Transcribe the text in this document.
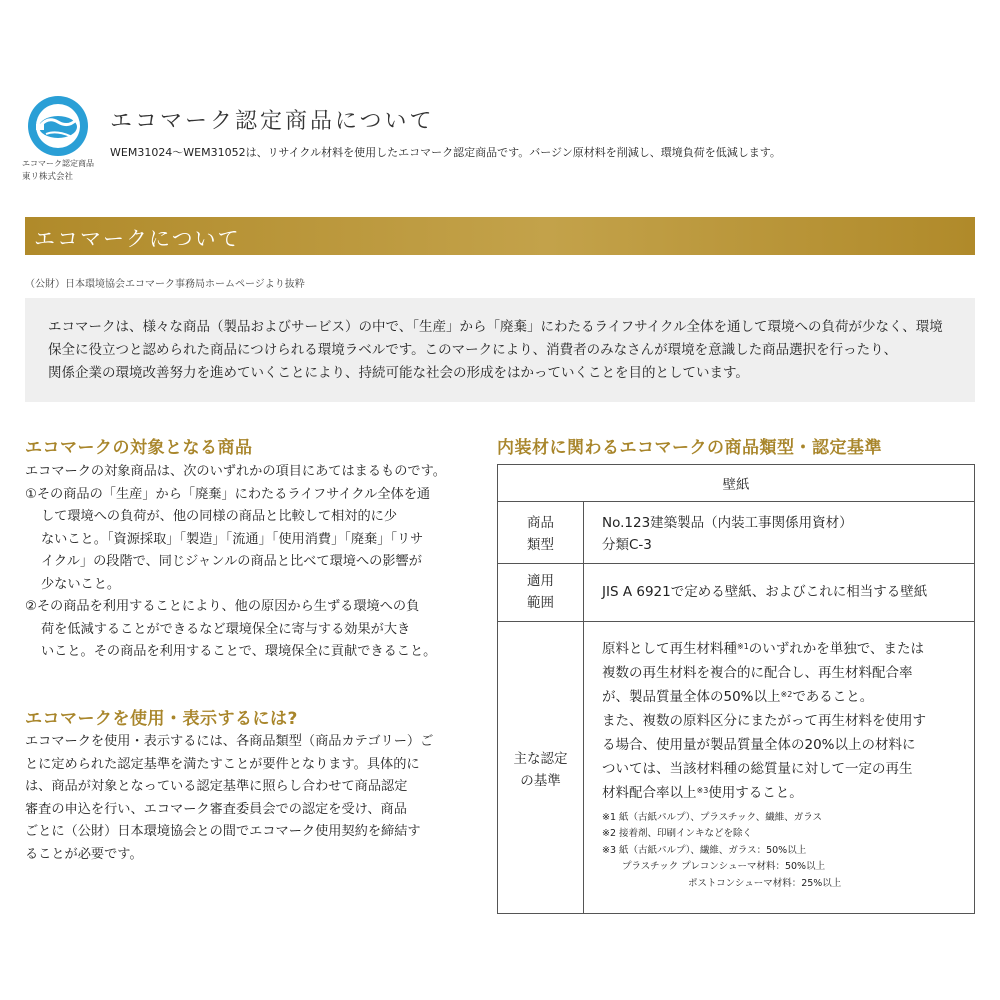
エコマーク認定商品
東リ株式会社
エコマーク認定商品について
WEM31024～WEM31052は、リサイクル材料を使用したエコマーク認定商品です。バージン原材料を削減し、環境負荷を低減します。
エコマークについて
（公財）日本環境協会エコマーク事務局ホームページより抜粋
エコマークは、様々な商品（製品およびサービス）の中で、「生産」から「廃棄」にわたるライフサイクル全体を通して環境への負荷が少なく、環境
保全に役立つと認められた商品につけられる環境ラベルです。このマークにより、消費者のみなさんが環境を意識した商品選択を行ったり、
関係企業の環境改善努力を進めていくことにより、持続可能な社会の形成をはかっていくことを目的としています。
エコマークの対象となる商品
エコマークの対象商品は、次のいずれかの項目にあてはまるものです。
①その商品の「生産」から「廃棄」にわたるライフサイクル全体を通
して環境への負荷が、他の同様の商品と比較して相対的に少
ないこと。「資源採取」「製造」「流通」「使用消費」「廃棄」「リサ
イクル」の段階で、同じジャンルの商品と比べて環境への影響が
少ないこと。
②その商品を利用することにより、他の原因から生ずる環境への負
荷を低減することができるなど環境保全に寄与する効果が大き
いこと。その商品を利用することで、環境保全に貢献できること。
エコマークを使用・表示するには?
エコマークを使用・表示するには、各商品類型（商品カテゴリー）ご
とに定められた認定基準を満たすことが要件となります。具体的に
は、商品が対象となっている認定基準に照らし合わせて商品認定
審査の申込を行い、エコマーク審査委員会での認定を受け、商品
ごとに（公財）日本環境協会との間でエコマーク使用契約を締結す
ることが必要です。
内装材に関わるエコマークの商品類型・認定基準
壁紙
商品
類型
No.123建築製品（内装工事関係用資材）
分類C-3
適用
範囲
JIS A 6921で定める壁紙、およびこれに相当する壁紙
主な認定
の基準
原料として再生材料種$^{※1}$のいずれかを単独で、または
複数の再生材料を複合的に配合し、再生材料配合率
が、製品質量全体の50%以上$^{※2}$であること。
また、複数の原料区分にまたがって再生材料を使用す
る場合、使用量が製品質量全体の20%以上の材料に
ついては、当該材料種の総質量に対して一定の再生
材料配合率以上$^{※3}$使用すること。
※1 紙（古紙パルプ）、プラスチック、繊維、ガラス
※2 接着剤、印刷インキなどを除く
※3 紙（古紙パルプ）、繊維、ガラス：50%以上
プラスチック プレコンシューマ材料：50%以上
ポストコンシューマ材料：25%以上
